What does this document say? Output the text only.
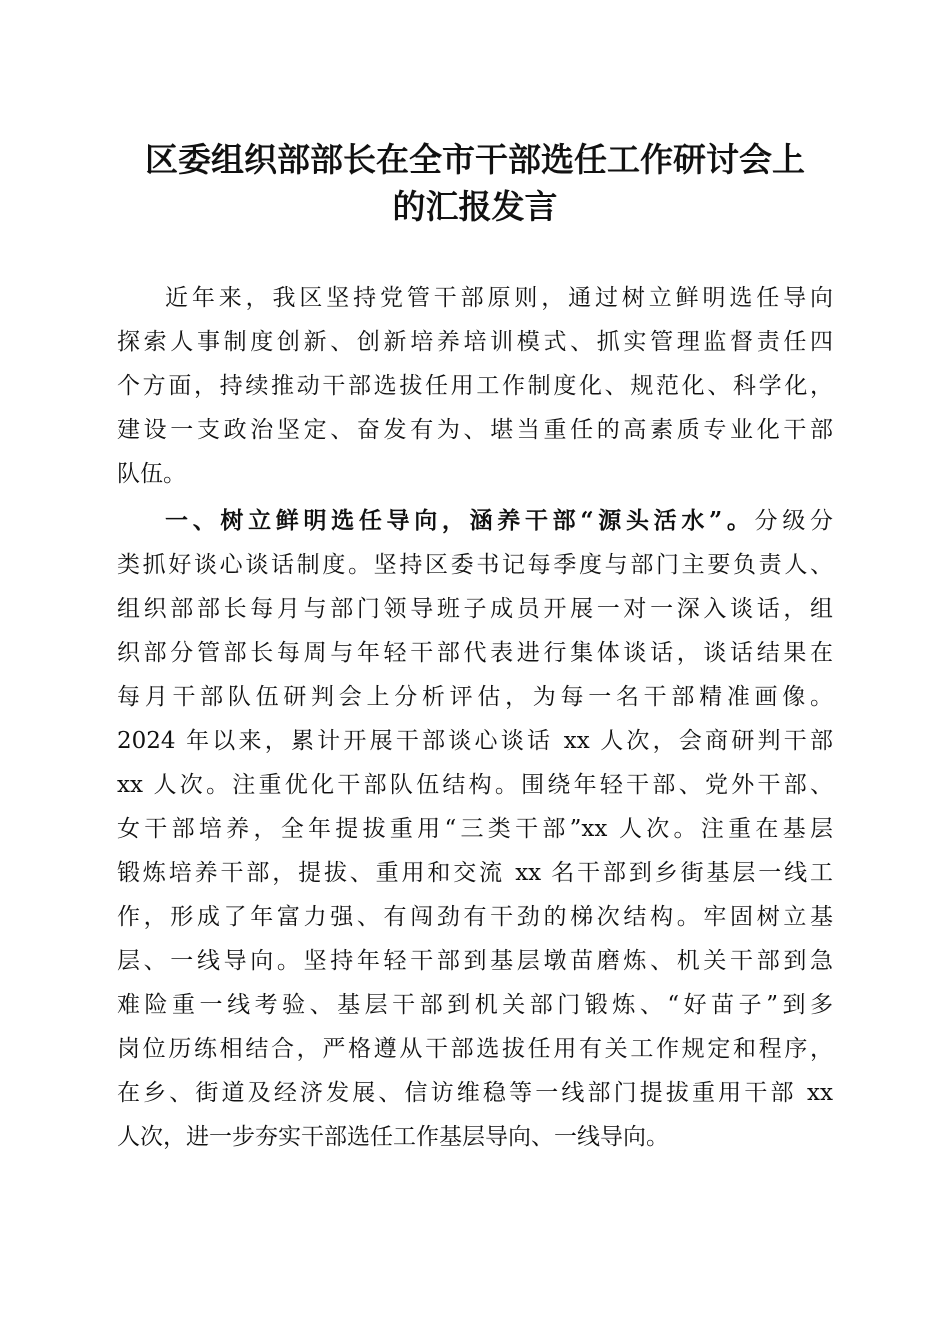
区委组织部部长在全市干部选任工作研讨会上
的汇报发言
近年来，我区坚持党管干部原则，通过树立鲜明选任导向
探索人事制度创新、创新培养培训模式、抓实管理监督责任四
个方面，持续推动干部选拔任用工作制度化、规范化、科学化，
建设一支政治坚定、奋发有为、堪当重任的高素质专业化干部
队伍。
一、树立鲜明选任导向，涵养干部“源头活水”。分级分
类抓好谈心谈话制度。坚持区委书记每季度与部门主要负责人、
组织部部长每月与部门领导班子成员开展一对一深入谈话，组
织部分管部长每周与年轻干部代表进行集体谈话，谈话结果在
每月干部队伍研判会上分析评估，为每一名干部精准画像。
2024 年以来，累计开展干部谈心谈话 xx 人次，会商研判干部
xx 人次。注重优化干部队伍结构。围绕年轻干部、党外干部、
女干部培养，全年提拔重用“三类干部”xx 人次。注重在基层
锻炼培养干部，提拔、重用和交流 xx 名干部到乡街基层一线工
作，形成了年富力强、有闯劲有干劲的梯次结构。牢固树立基
层、一线导向。坚持年轻干部到基层墩苗磨炼、机关干部到急
难险重一线考验、基层干部到机关部门锻炼、“好苗子”到多
岗位历练相结合，严格遵从干部选拔任用有关工作规定和程序，
在乡、街道及经济发展、信访维稳等一线部门提拔重用干部 xx
人次，进一步夯实干部选任工作基层导向、一线导向。
